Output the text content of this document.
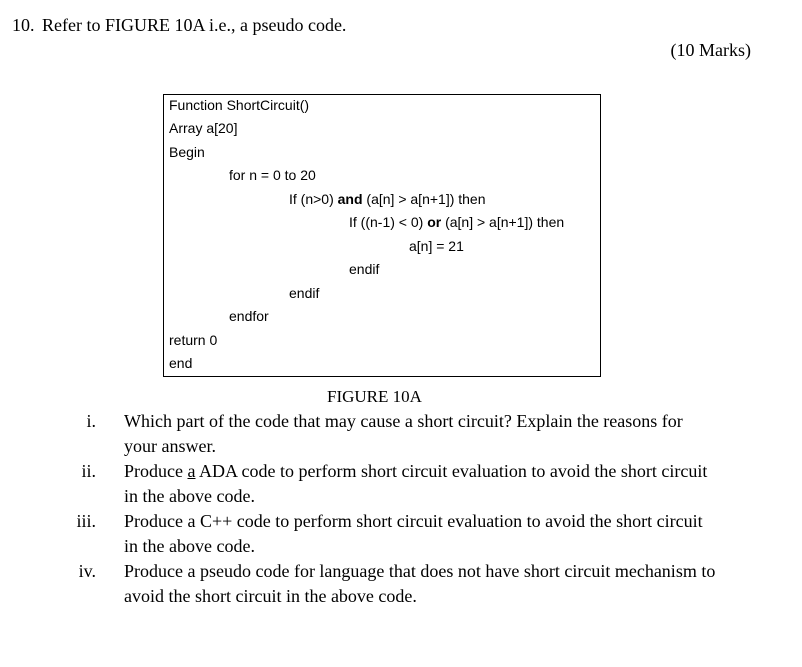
10. Refer to FIGURE 10A i.e., a pseudo code.
(10 Marks)
Function ShortCircuit()
Array a[20]
Begin
for n = 0 to 20
If (n>0) and (a[n] > a[n+1]) then
If ((n-1) < 0) or (a[n] > a[n+1]) then
a[n] = 21
endif
endif
endfor
return 0
end
FIGURE 10A
i. Which part of the code that may cause a short circuit? Explain the reasons for
your answer.
ii. Produce a ADA code to perform short circuit evaluation to avoid the short circuit
in the above code.
iii. Produce a C++ code to perform short circuit evaluation to avoid the short circuit
in the above code.
iv. Produce a pseudo code for language that does not have short circuit mechanism to
avoid the short circuit in the above code.
